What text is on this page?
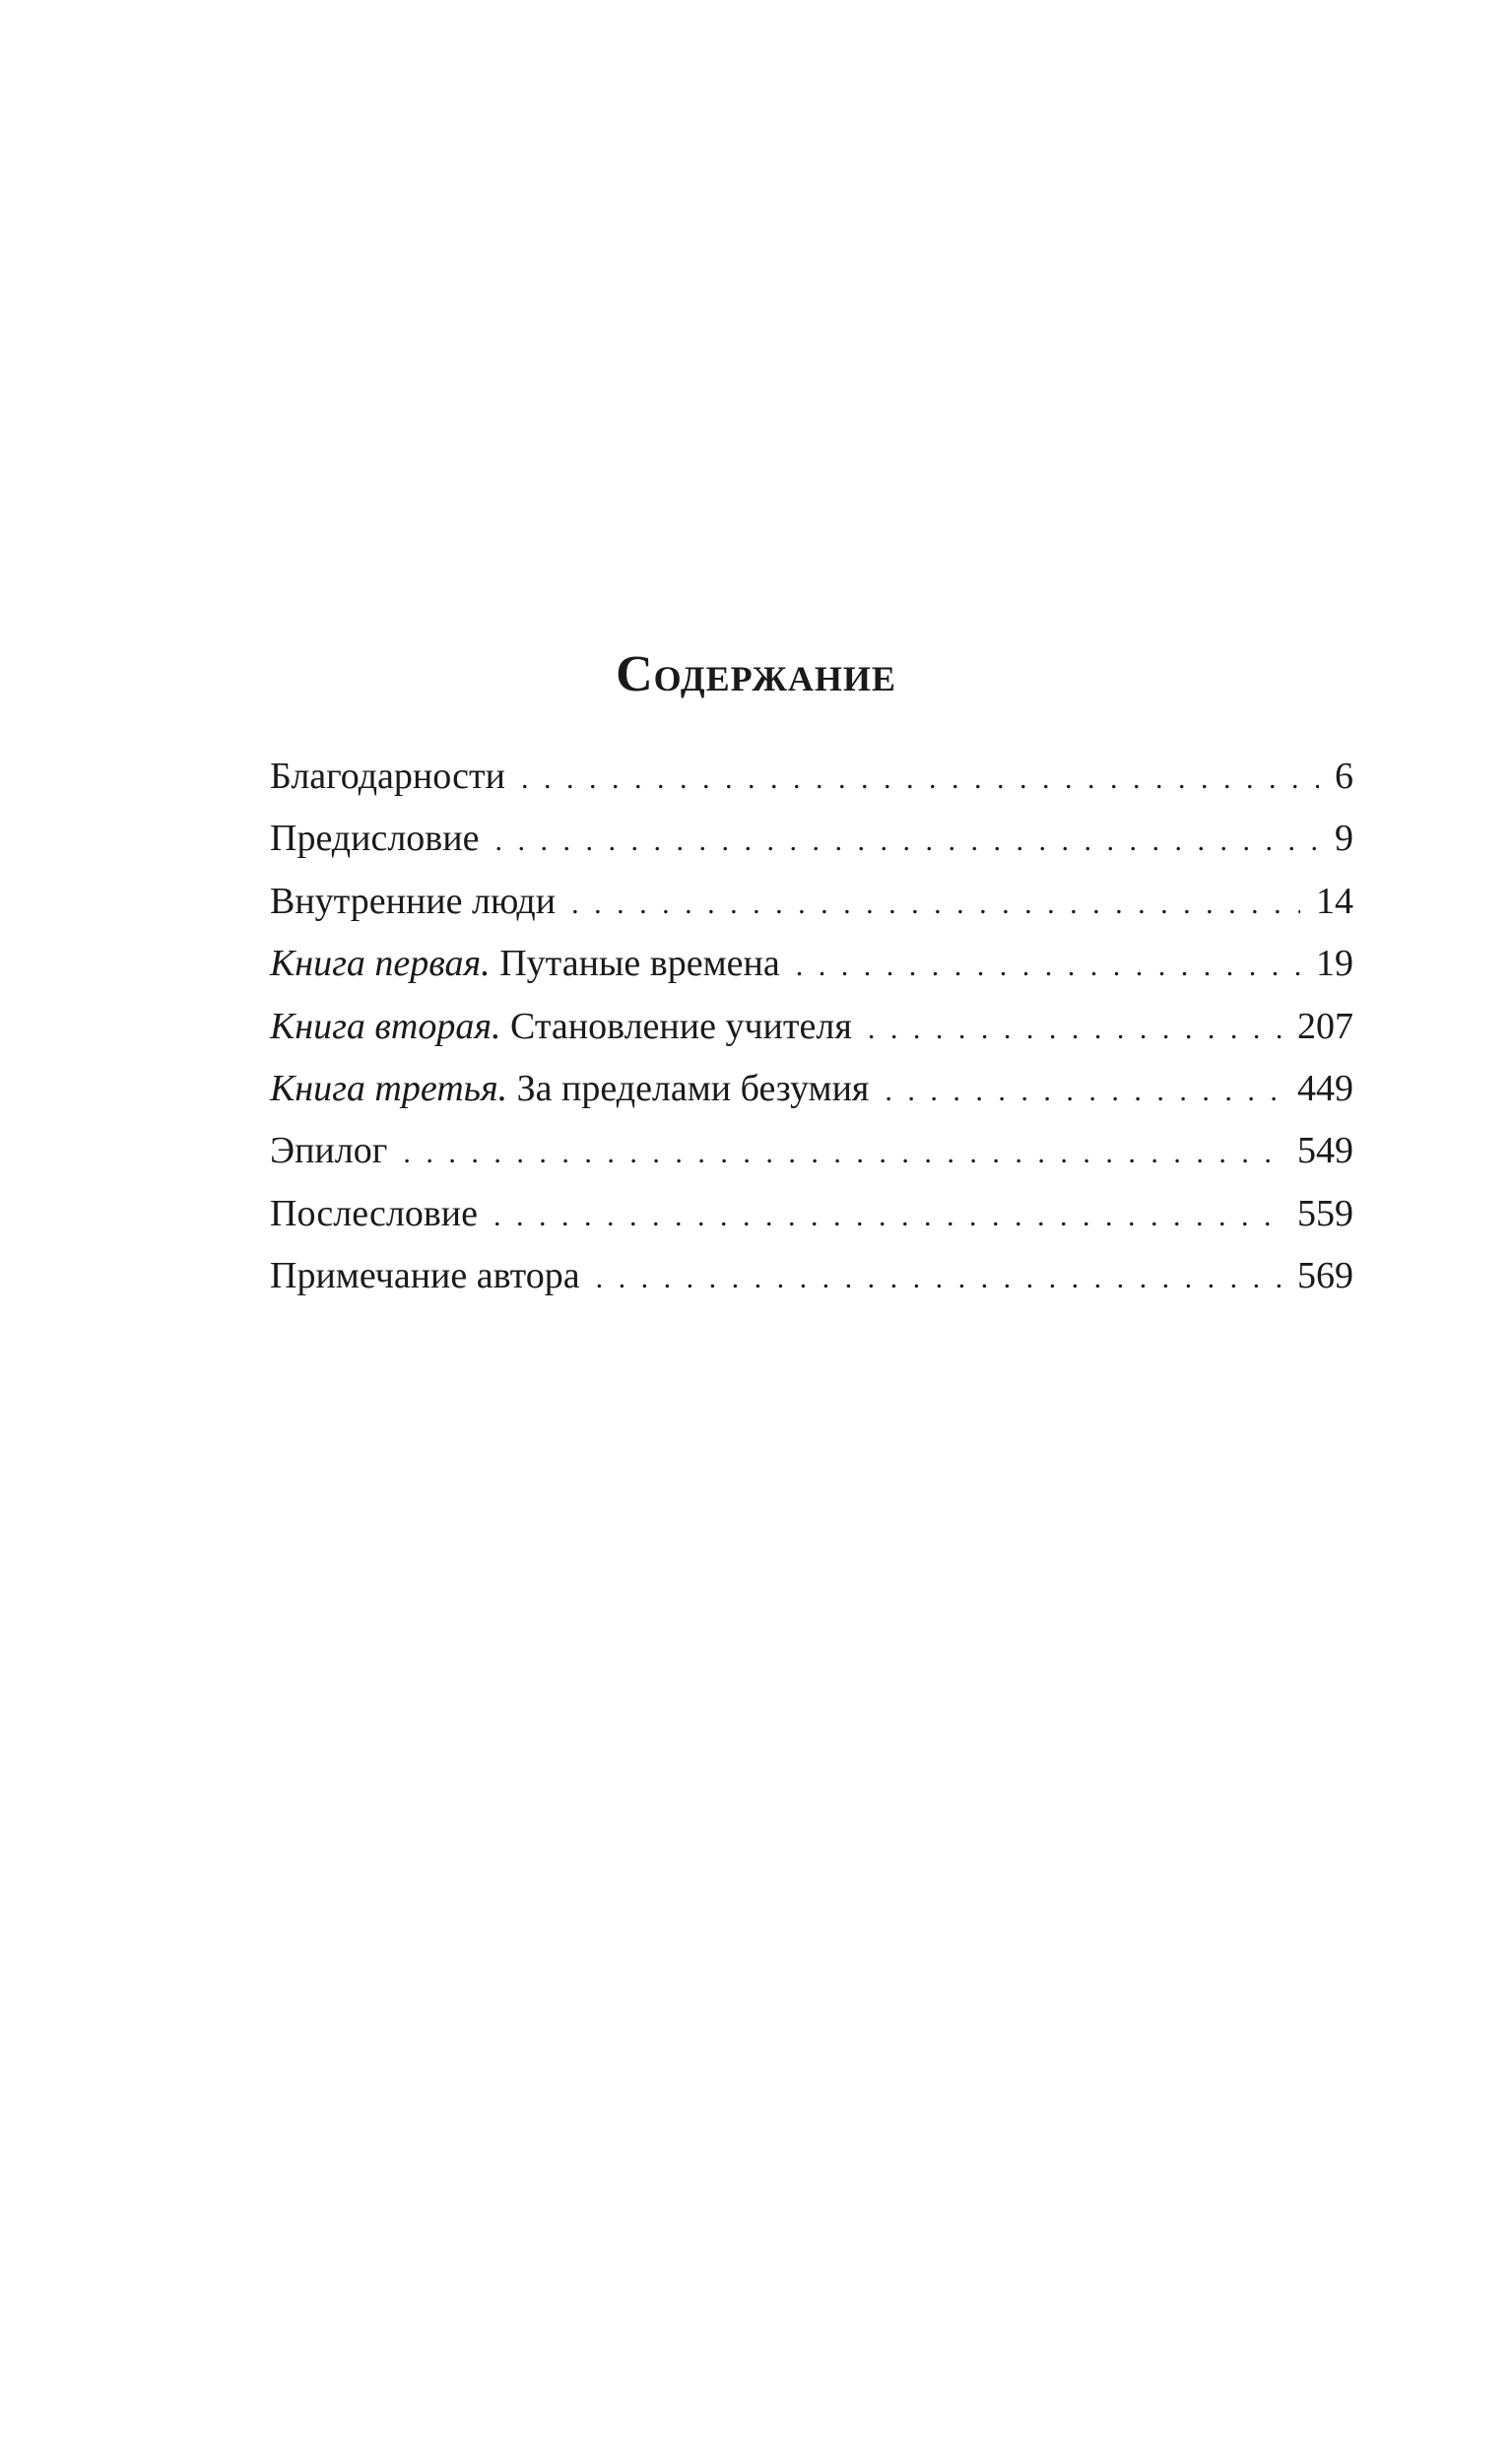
Содержание
Благодарности . . .	6
Предисловие . . .	9
Внутренние люди . . .	14
Книга первая. Путаные времена . . .	19
Книга вторая. Становление учителя . . .	207
Книга третья. За пределами безумия . . .	449
Эпилог . . .	549
Послесловие . . .	559
Примечание автора . . .	569
